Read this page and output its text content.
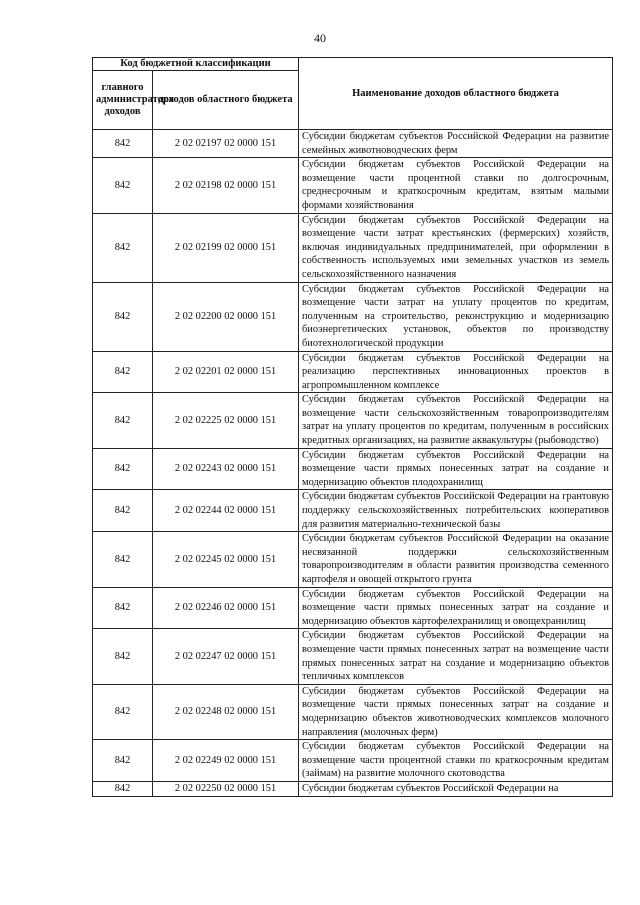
40
Код бюджетной классификации		Наименование доходов областного бюджета
главного администратора доходов	доходов областного бюджета	
842	2 02 02197 02 0000 151	Субсидии бюджетам субъектов Российской Федерации на развитие семейных животноводческих ферм
842	2 02 02198 02 0000 151	Субсидии бюджетам субъектов Российской Федерации на возмещение части процентной ставки по долгосрочным, среднесрочным и краткосрочным кредитам, взятым малыми формами хозяйствования
842	2 02 02199 02 0000 151	Субсидии бюджетам субъектов Российской Федерации на возмещение части затрат крестьянских (фермерских) хозяйств, включая индивидуальных предпринимателей, при оформлении в собственность используемых ими земельных участков из земель сельскохозяйственного назначения
842	2 02 02200 02 0000 151	Субсидии бюджетам субъектов Российской Федерации на возмещение части затрат на уплату процентов по кредитам, полученным на строительство, реконструкцию и модернизацию биоэнергетических установок, объектов по производству биотехнологической продукции
842	2 02 02201 02 0000 151	Субсидии бюджетам субъектов Российской Федерации на реализацию перспективных инновационных проектов в агропромышленном комплексе
842	2 02 02225 02 0000 151	Субсидии бюджетам субъектов Российской Федерации на возмещение части сельскохозяйственным товаропроизводителям затрат на уплату процентов по кредитам, полученным в российских кредитных организациях, на развитие аквакультуры (рыбоводство)
842	2 02 02243 02 0000 151	Субсидии бюджетам субъектов Российской Федерации на возмещение части прямых понесенных затрат на создание и модернизацию объектов плодохранилищ
842	2 02 02244 02 0000 151	Субсидии бюджетам субъектов Российской Федерации на грантовую поддержку сельскохозяйственных потребительских кооперативов для развития материально-технической базы
842	2 02 02245 02 0000 151	Субсидии бюджетам субъектов Российской Федерации на оказание несвязанной поддержки сельскохозяйственным товаропроизводителям в области развития производства семенного картофеля и овощей открытого грунта
842	2 02 02246 02 0000 151	Субсидии бюджетам субъектов Российской Федерации на возмещение части прямых понесенных затрат на создание и модернизацию объектов картофелехранилищ и овощехранилищ
842	2 02 02247 02 0000 151	Субсидии бюджетам субъектов Российской Федерации на возмещение части прямых понесенных затрат на возмещение части прямых понесенных затрат на создание и модернизацию объектов тепличных комплексов
842	2 02 02248 02 0000 151	Субсидии бюджетам субъектов Российской Федерации на возмещение части прямых понесенных затрат на создание и модернизацию объектов животноводческих комплексов молочного направления (молочных ферм)
842	2 02 02249 02 0000 151	Субсидии бюджетам субъектов Российской Федерации на возмещение части процентной ставки по краткосрочным кредитам (займам) на развитие молочного скотоводства
842	2 02 02250 02 0000 151	Субсидии бюджетам субъектов Российской Федерации на
